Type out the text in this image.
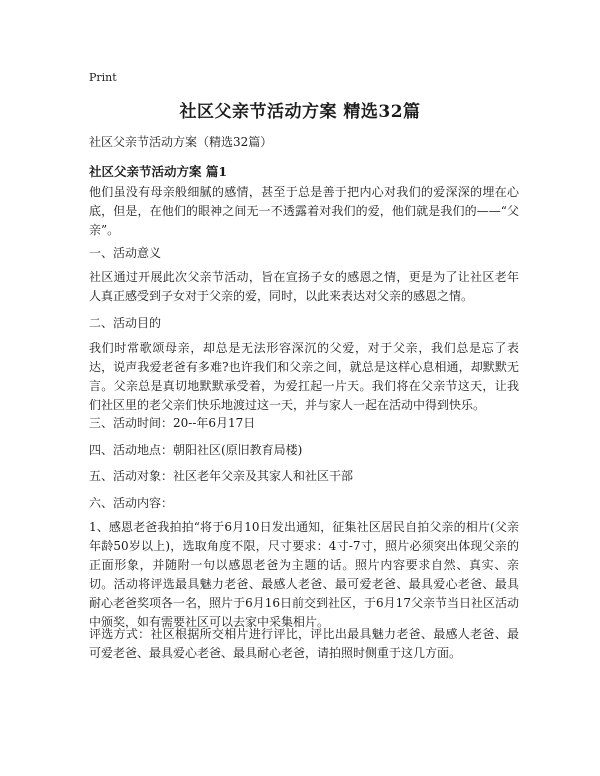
Print
社区父亲节活动方案 精选32篇
社区父亲节活动方案（精选32篇）
社区父亲节活动方案 篇1
他们虽没有母亲般细腻的感情，甚至于总是善于把内心对我们的爱深深的埋在心底，但是，在他们的眼神之间无一不透露着对我们的爱，他们就是我们的——“父亲”。
一、活动意义
社区通过开展此次父亲节活动，旨在宣扬子女的感恩之情，更是为了让社区老年人真正感受到子女对于父亲的爱，同时，以此来表达对父亲的感恩之情。
二、活动目的
我们时常歌颂母亲，却总是无法形容深沉的父爱，对于父亲，我们总是忘了表达，说声我爱老爸有多难?也许我们和父亲之间，就总是这样心息相通，却默默无言。父亲总是真切地默默承受着，为爱扛起一片天。我们将在父亲节这天，让我们社区里的老父亲们快乐地渡过这一天，并与家人一起在活动中得到快乐。
三、活动时间：20--年6月17日
四、活动地点：朝阳社区(原旧教育局楼)
五、活动对象：社区老年父亲及其家人和社区干部
六、活动内容：
1、感恩老爸我拍拍“将于6月10日发出通知，征集社区居民自拍父亲的相片(父亲年龄50岁以上)，选取角度不限，尺寸要求：4寸-7寸，照片必须突出体现父亲的正面形象，并随附一句以感恩老爸为主题的话。照片内容要求自然、真实、亲切。活动将评选最具魅力老爸、最感人老爸、最可爱老爸、最具爱心老爸、最具耐心老爸奖项各一名，照片于6月16日前交到社区，于6月17父亲节当日社区活动中颁奖，如有需要社区可以去家中采集相片。
评选方式：社区根据所交相片进行评比，评比出最具魅力老爸、最感人老爸、最可爱老爸、最具爱心老爸、最具耐心老爸，请拍照时侧重于这几方面。
